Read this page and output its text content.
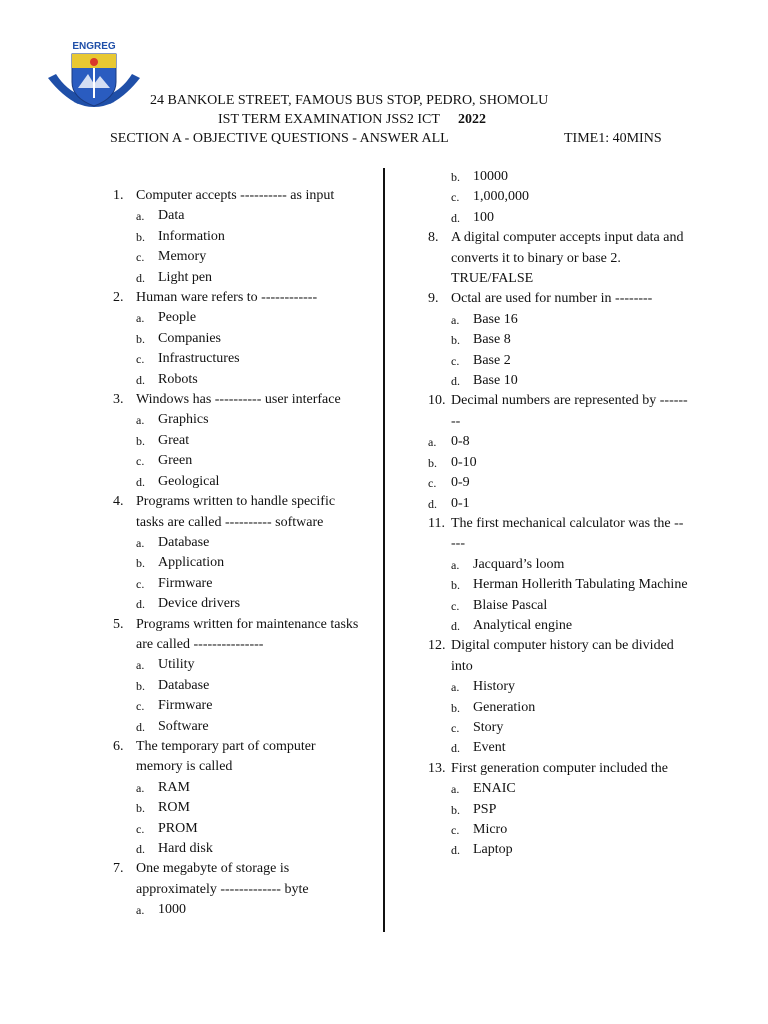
ENGREG
24 BANKOLE STREET, FAMOUS BUS STOP, PEDRO, SHOMOLU
IST TERM EXAMINATION JSS2 ICT 2022
SECTION A - OBJECTIVE QUESTIONS - ANSWER ALL	TIME1: 40MINS
1. Computer accepts ---------- as input
a. Data
b. Information
c. Memory
d. Light pen
2. Human ware refers to ------------
a. People
b. Companies
c. Infrastructures
d. Robots
3. Windows has ---------- user interface
a. Graphics
b. Great
c. Green
d. Geological
4. Programs written to handle specific tasks are called ---------- software
a. Database
b. Application
c. Firmware
d. Device drivers
5. Programs written for maintenance tasks are called ---------------
a. Utility
b. Database
c. Firmware
d. Software
6. The temporary part of computer memory is called
a. RAM
b. ROM
c. PROM
d. Hard disk
7. One megabyte of storage is approximately ------------- byte
a. 1000
b. 10000
c. 1,000,000
d. 100
8. A digital computer accepts input data and converts it to binary or base 2. TRUE/FALSE
9. Octal are used for number in --------
a. Base 16
b. Base 8
c. Base 2
d. Base 10
10. Decimal numbers are represented by --------
a.	0-8
b.	0-10
c.	0-9
d.	0-1
11. The first mechanical calculator was the -----
a. Jacquard’s loom
b. Herman Hollerith Tabulating Machine
c. Blaise Pascal
d. Analytical engine
12. Digital computer history can be divided into
a. History
b. Generation
c. Story
d. Event
13. First generation computer included the
a. ENAIC
b. PSP
c. Micro
d. Laptop
